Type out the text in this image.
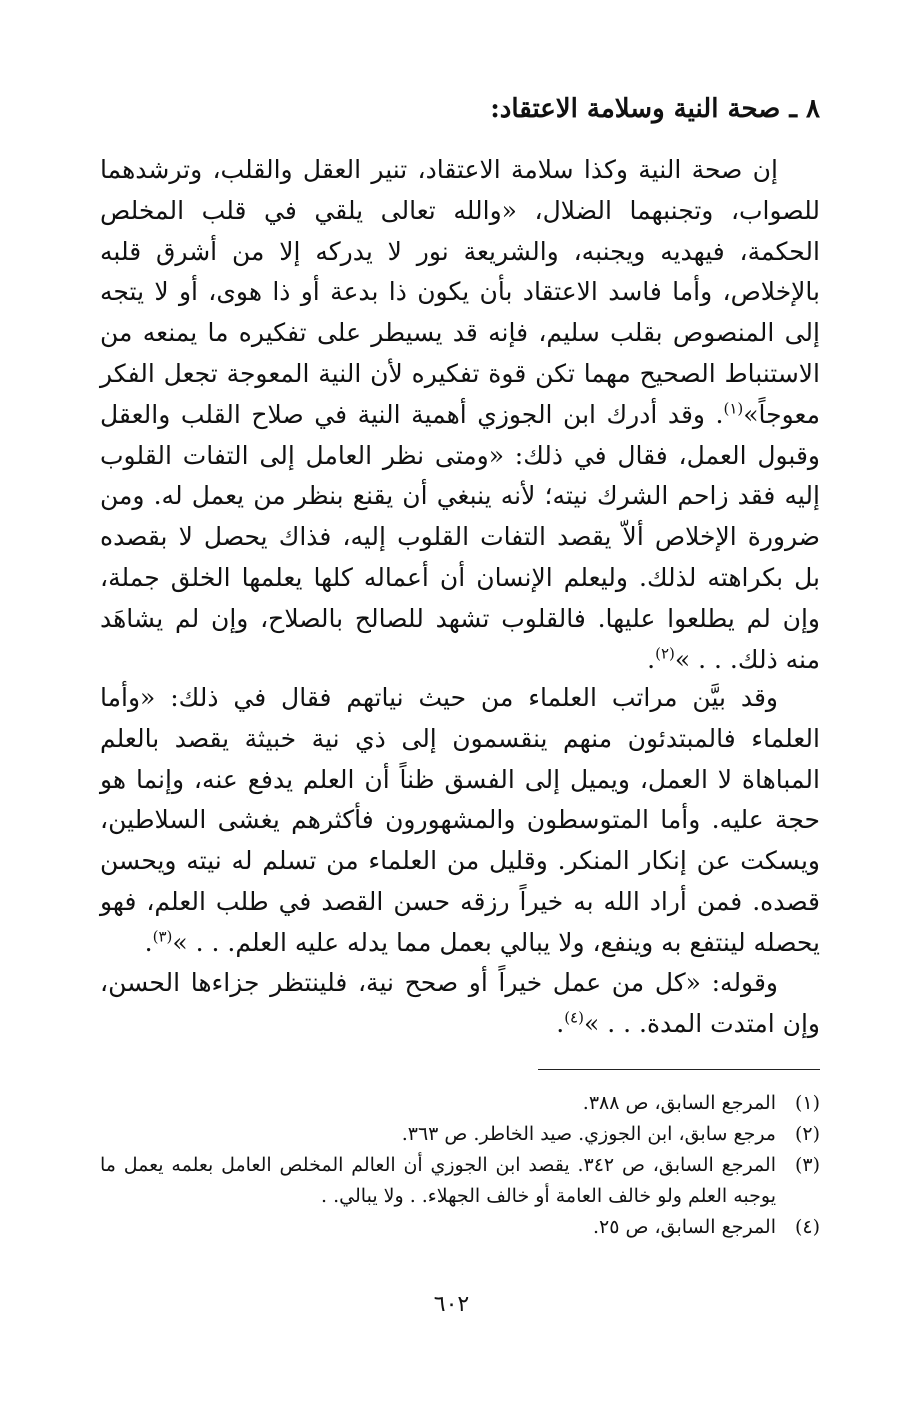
٨ ـ صحة النية وسلامة الاعتقاد:

إن صحة النية وكذا سلامة الاعتقاد، تنير العقل والقلب، وترشدهما للصواب، وتجنبهما الضلال، «والله تعالى يلقي في قلب المخلص الحكمة، فيهديه ويجنبه، والشريعة نور لا يدركه إلا من أشرق قلبه بالإخلاص، وأما فاسد الاعتقاد بأن يكون ذا بدعة أو ذا هوى، أو لا يتجه إلى المنصوص بقلب سليم، فإنه قد يسيطر على تفكيره ما يمنعه من الاستنباط الصحيح مهما تكن قوة تفكيره لأن النية المعوجة تجعل الفكر معوجاً»$^{(١)}$. وقد أدرك ابن الجوزي أهمية النية في صلاح القلب والعقل وقبول العمل، فقال في ذلك: «ومتى نظر العامل إلى التفات القلوب إليه فقد زاحم الشرك نيته؛ لأنه ينبغي أن يقنع بنظر من يعمل له. ومن ضرورة الإخلاص ألاّ يقصد التفات القلوب إليه، فذاك يحصل لا بقصده بل بكراهته لذلك. وليعلم الإنسان أن أعماله كلها يعلمها الخلق جملة، وإن لم يطلعوا عليها. فالقلوب تشهد للصالح بالصلاح، وإن لم يشاهَد منه ذلك. . . »$^{(٢)}$.

وقد بيَّن مراتب العلماء من حيث نياتهم فقال في ذلك: «وأما العلماء فالمبتدئون منهم ينقسمون إلى ذي نية خبيثة يقصد بالعلم المباهاة لا العمل، ويميل إلى الفسق ظناً أن العلم يدفع عنه، وإنما هو حجة عليه. وأما المتوسطون والمشهورون فأكثرهم يغشى السلاطين، ويسكت عن إنكار المنكر. وقليل من العلماء من تسلم له نيته ويحسن قصده. فمن أراد الله به خيراً رزقه حسن القصد في طلب العلم، فهو يحصله لينتفع به وينفع، ولا يبالي بعمل مما يدله عليه العلم. . . »$^{(٣)}$.

وقوله: «كل من عمل خيراً أو صحح نية، فلينتظر جزاءها الحسن، وإن امتدت المدة. . . »$^{(٤)}$.

(١)
المرجع السابق، ص ٣٨٨.
(٢)
مرجع سابق، ابن الجوزي. صيد الخاطر. ص ٣٦٣.
(٣)
المرجع السابق، ص ٣٤٢. يقصد ابن الجوزي أن العالم المخلص العامل بعلمه يعمل ما يوجبه العلم ولو خالف العامة أو خالف الجهلاء. . ولا يبالي. .
(٤)
المرجع السابق، ص ٢٥.
٦٠٢
